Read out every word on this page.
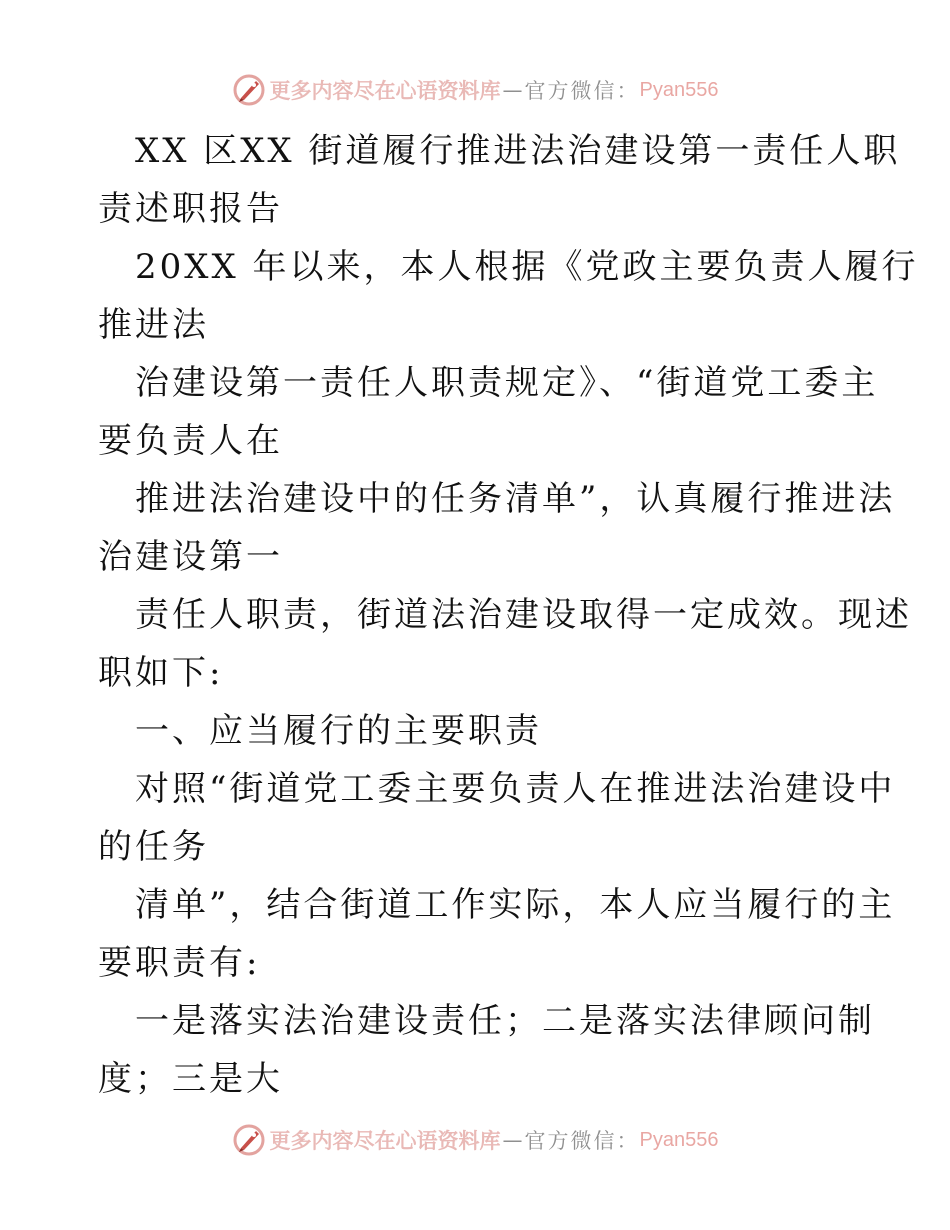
更多内容尽在心语资料库 — 官方微信： Pyan556
XX 区XX 街道履行推进法治建设第一责任人职
责述职报告
20XX 年以来，本人根据《党政主要负责人履行
推进法
治建设第一责任人职责规定》、“街道党工委主
要负责人在
推进法治建设中的任务清单”，认真履行推进法
治建设第一
责任人职责，街道法治建设取得一定成效。现述
职如下:
一、应当履行的主要职责
对照“街道党工委主要负责人在推进法治建设中
的任务
清单”，结合街道工作实际，本人应当履行的主
要职责有:
一是落实法治建设责任；二是落实法律顾问制
度；三是大
更多内容尽在心语资料库 — 官方微信： Pyan556
